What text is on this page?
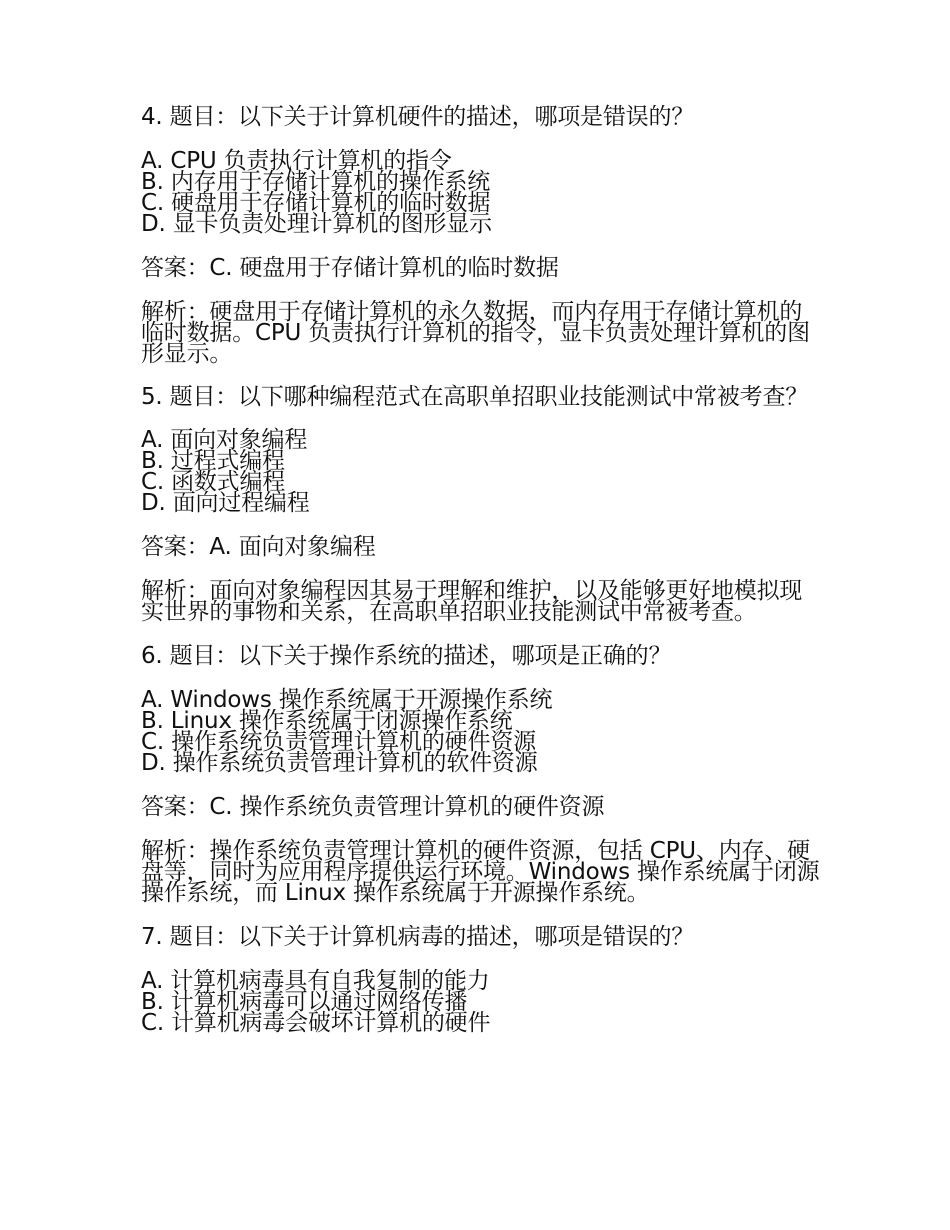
4. 题目：以下关于计算机硬件的描述，哪项是错误的？
A. CPU 负责执行计算机的指令
B. 内存用于存储计算机的操作系统
C. 硬盘用于存储计算机的临时数据
D. 显卡负责处理计算机的图形显示
答案：C. 硬盘用于存储计算机的临时数据
解析：硬盘用于存储计算机的永久数据，而内存用于存储计算机的临时数据。CPU 负责执行计算机的指令，显卡负责处理计算机的图形显示。
5. 题目：以下哪种编程范式在高职单招职业技能测试中常被考查？
A. 面向对象编程
B. 过程式编程
C. 函数式编程
D. 面向过程编程
答案：A. 面向对象编程
解析：面向对象编程因其易于理解和维护，以及能够更好地模拟现实世界的事物和关系，在高职单招职业技能测试中常被考查。
6. 题目：以下关于操作系统的描述，哪项是正确的？
A. Windows 操作系统属于开源操作系统
B. Linux 操作系统属于闭源操作系统
C. 操作系统负责管理计算机的硬件资源
D. 操作系统负责管理计算机的软件资源
答案：C. 操作系统负责管理计算机的硬件资源
解析：操作系统负责管理计算机的硬件资源，包括 CPU、内存、硬盘等，同时为应用程序提供运行环境。Windows 操作系统属于闭源操作系统，而 Linux 操作系统属于开源操作系统。
7. 题目：以下关于计算机病毒的描述，哪项是错误的？
A. 计算机病毒具有自我复制的能力
B. 计算机病毒可以通过网络传播
C. 计算机病毒会破坏计算机的硬件
